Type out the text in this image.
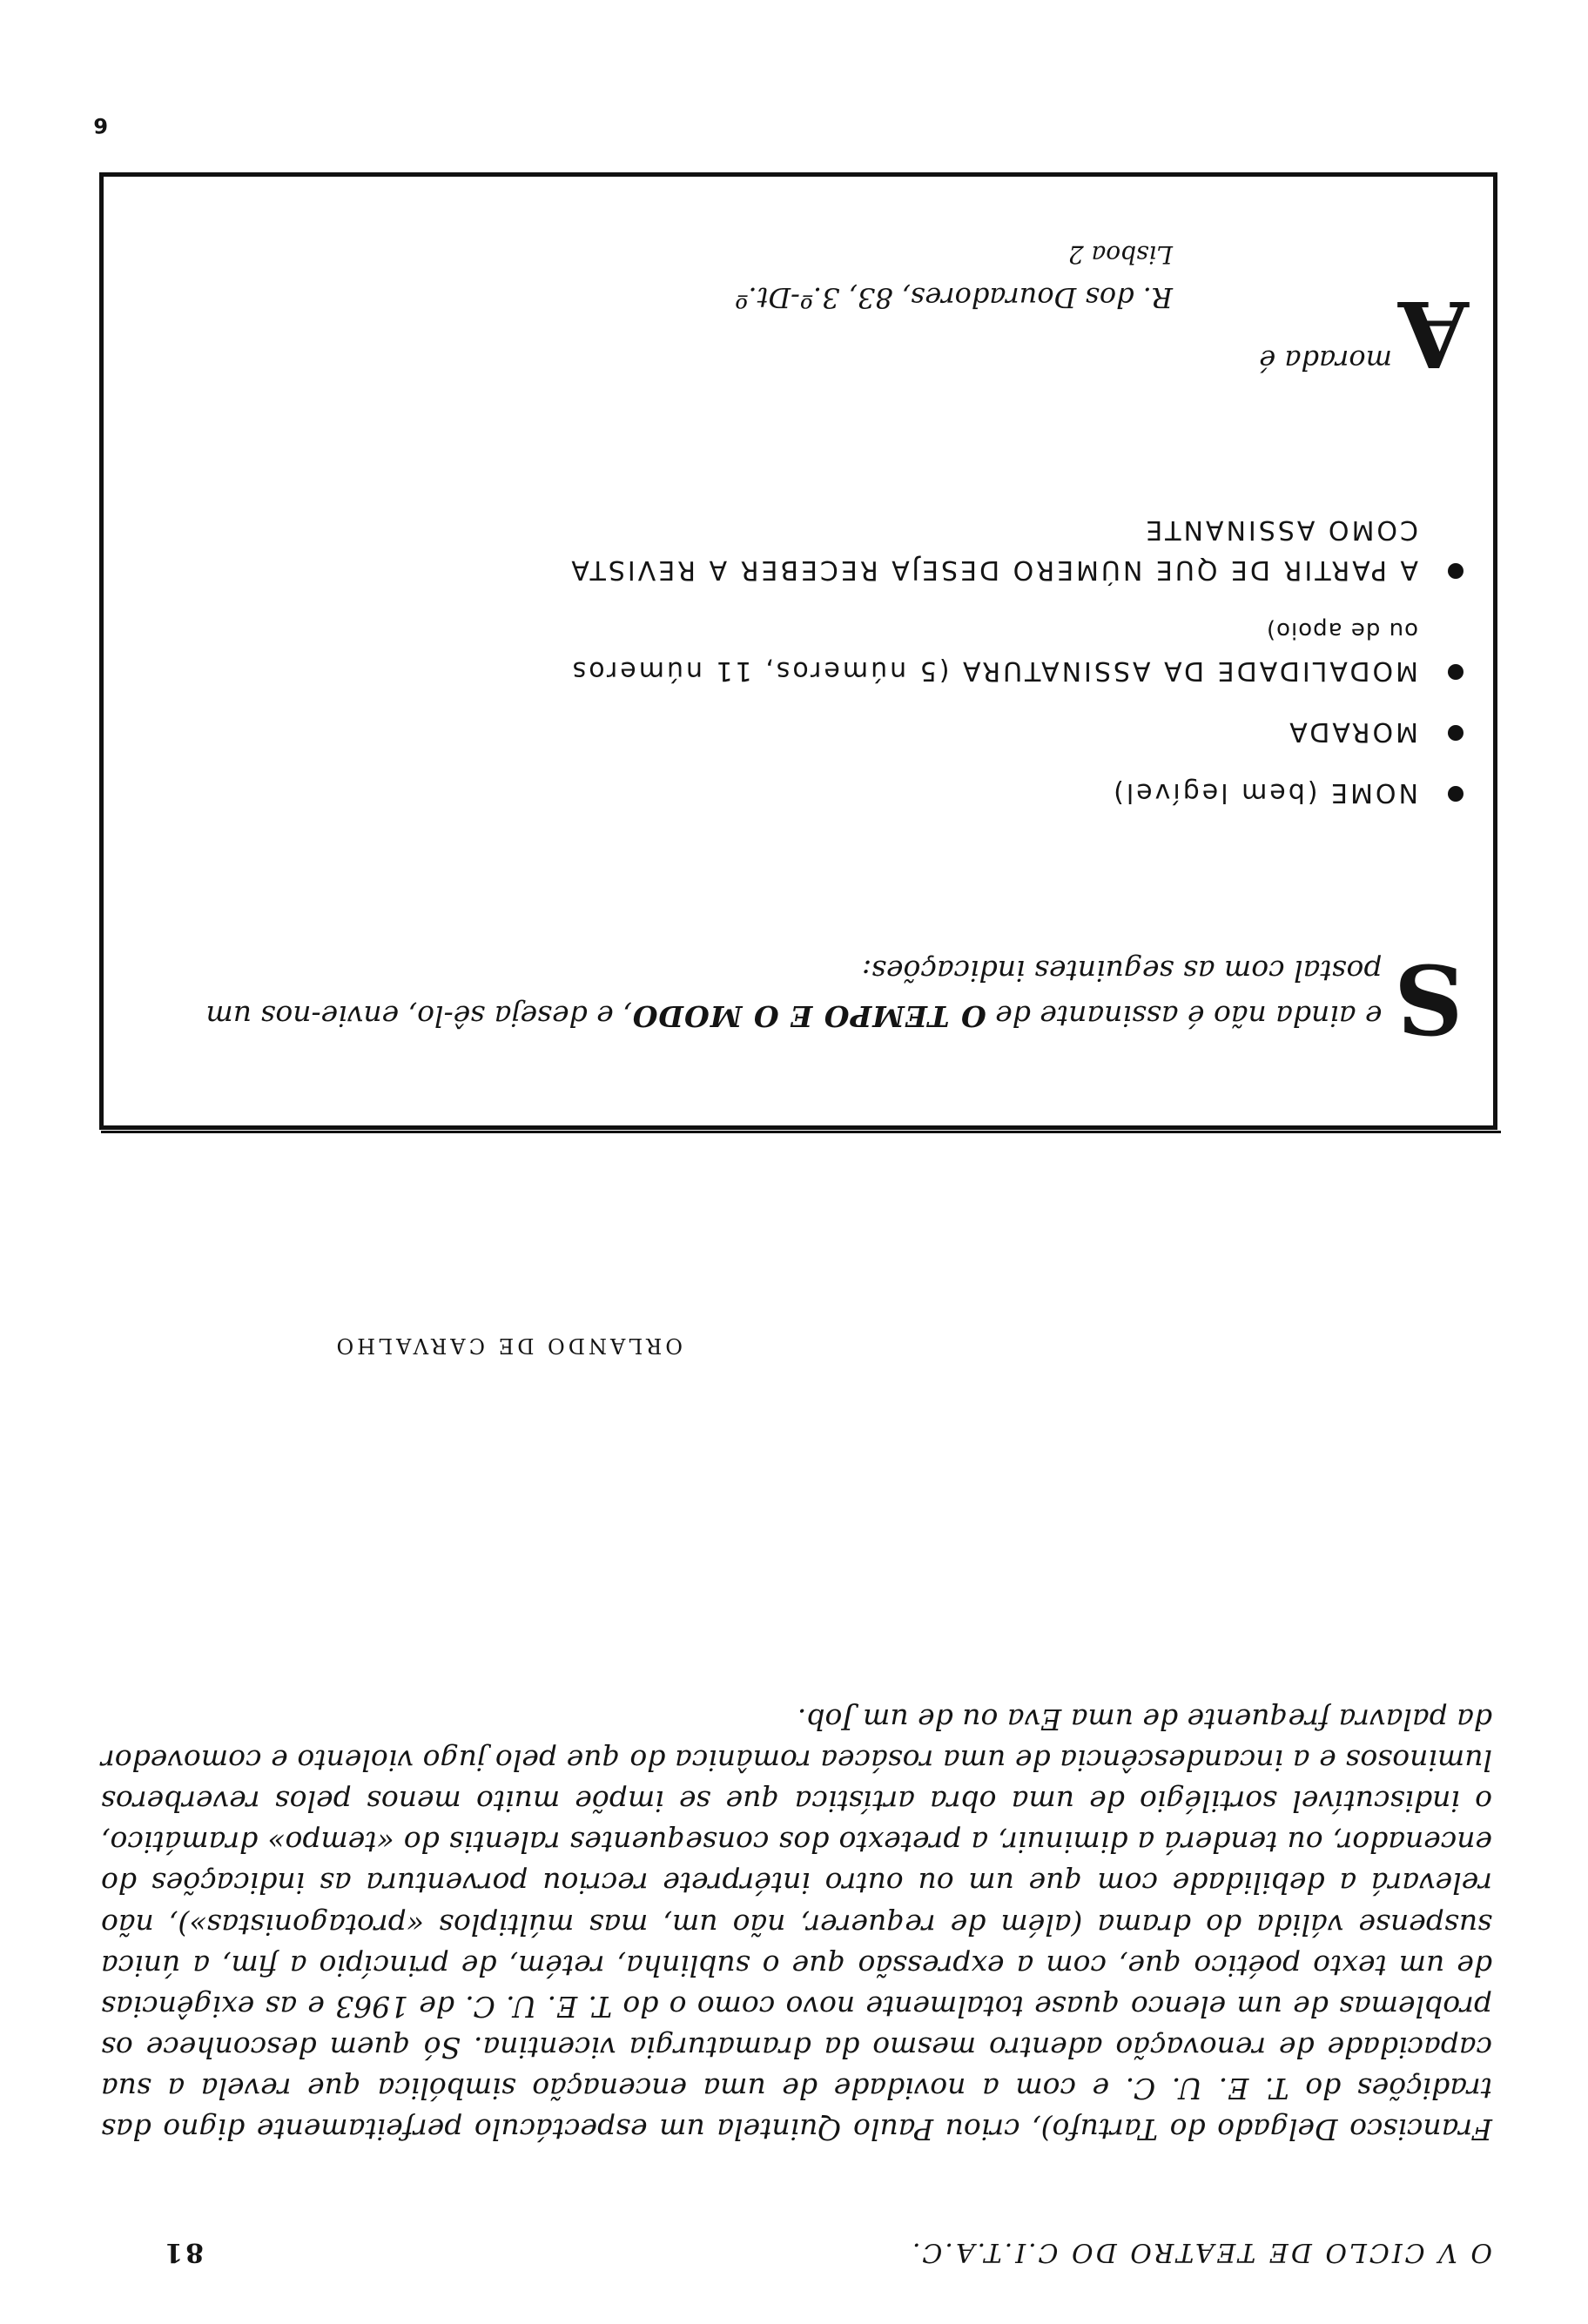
O V CICLO DE TEATRO DO C.I.T.A.C.
81

Francisco Delgado do Tartufo), criou Paulo Quintela um espectáculo perfeitamente digno das tradições do T. E. U. C. e com a novidade de uma encenação simbólica que revela a sua capacidade de renovação adentro mesmo da dramaturgia vicentina. Só quem desconhece os problemas de um elenco quase totalmente novo como o do T. E. U. C. de 1963 e as exigências de um texto poético que, com a expressão que o sublinha, retém, de princípio a fim, a única suspense válida do drama (além de requerer, não um, mas múltiplos «protagonistas»), não relevará a debilidade com que um ou outro intérprete recriou porventura as indicações do encenador, ou tenderá a diminuir, a pretexto dos consequentes ralentis do «tempo» dramático, o indiscutível sortilégio de uma obra artística que se impõe muito menos pelos reverberos luminosos e a incandescência de uma rosácea românica do que pelo jugo violento e comovedor da palavra frequente de uma Eva ou de um Job.

ORLANDO DE CARVALHO

S
e ainda não é assinante de O TEMPO E O MODO, e deseja sê-lo, envie-nos um postal com as seguintes indicações:

NOME (bem legível)
MORADA
MODALIDADE DA ASSINATURA (5 números, 11 números
ou de apoio)
A PARTIR DE QUE NÚMERO DESEJA RECEBER A REVISTA
COMO ASSINANTE
A
morada é
R. dos Douradores, 83, 3.º-Dt.º
Lisboa 2
6
